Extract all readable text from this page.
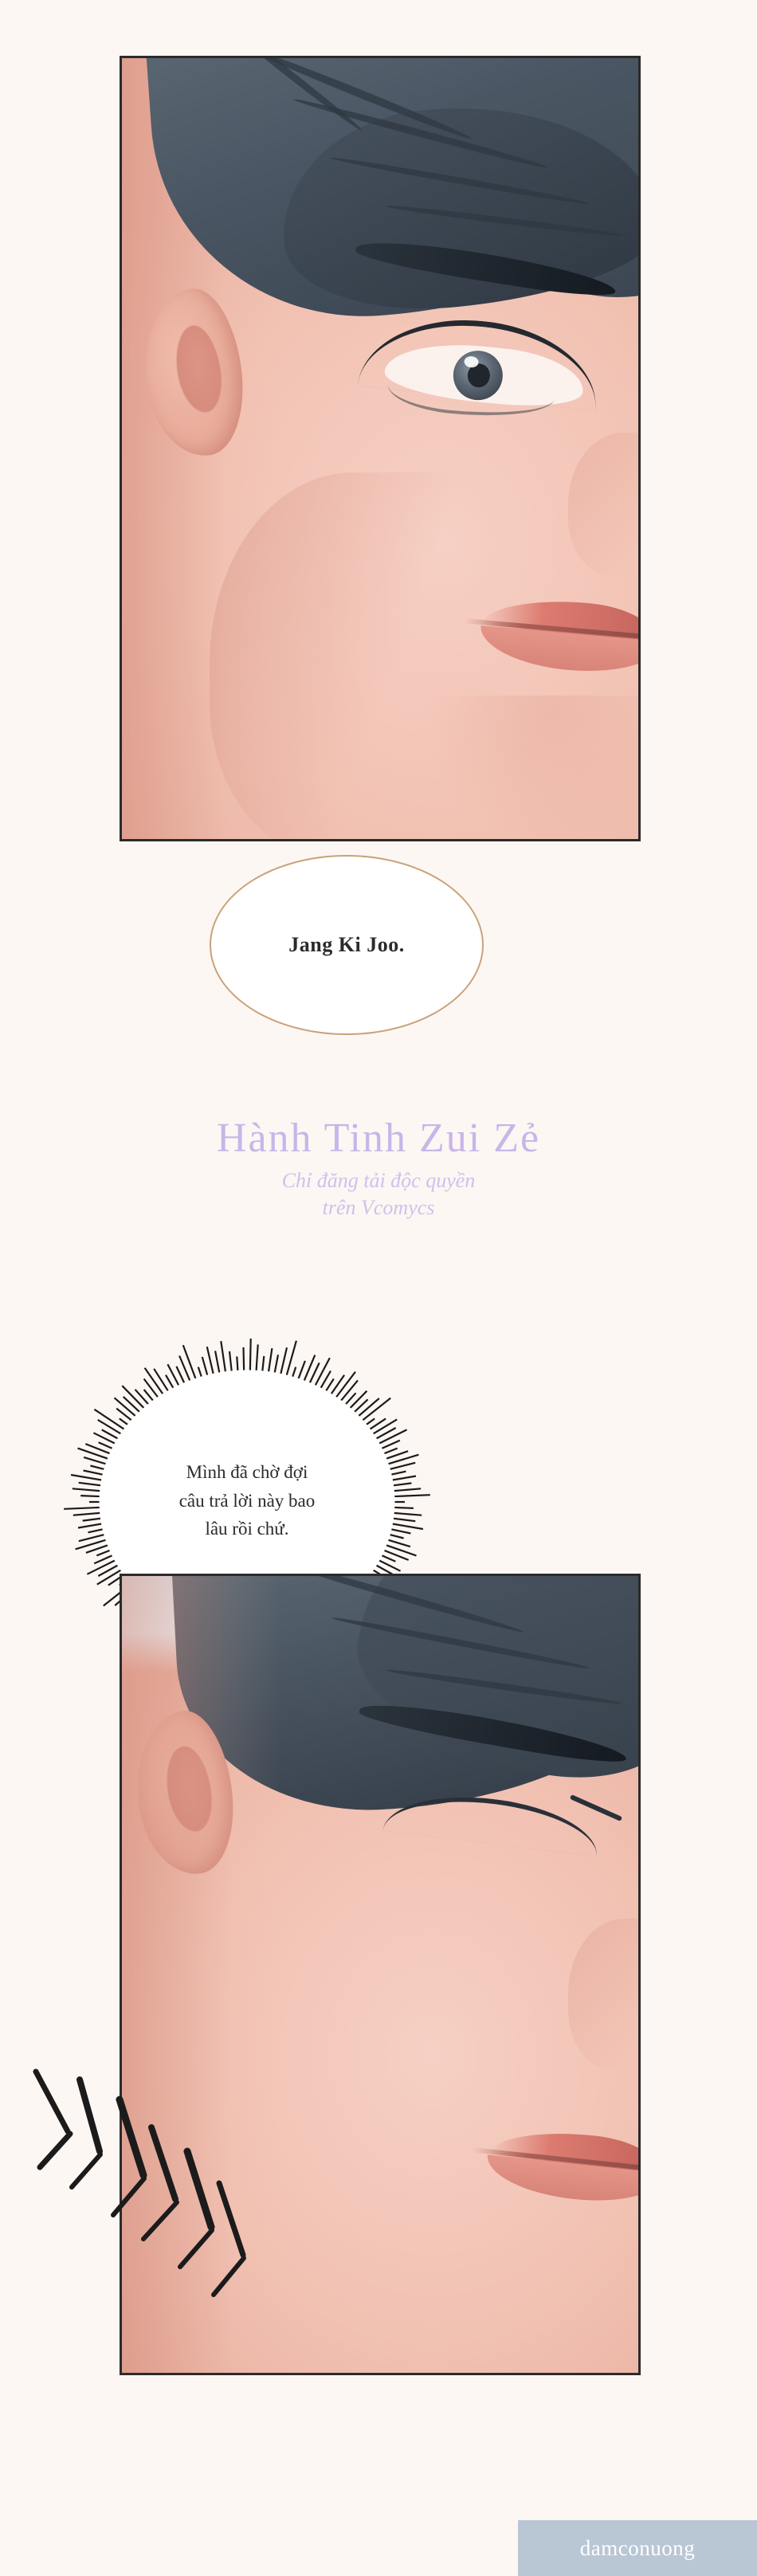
Jang Ki Joo.
Hành Tinh Zui Zẻ
Chỉ đăng tải độc quyền
trên Vcomycs
Mình đã chờ đợi
câu trả lời này bao
lâu rồi chứ.
damconuong
